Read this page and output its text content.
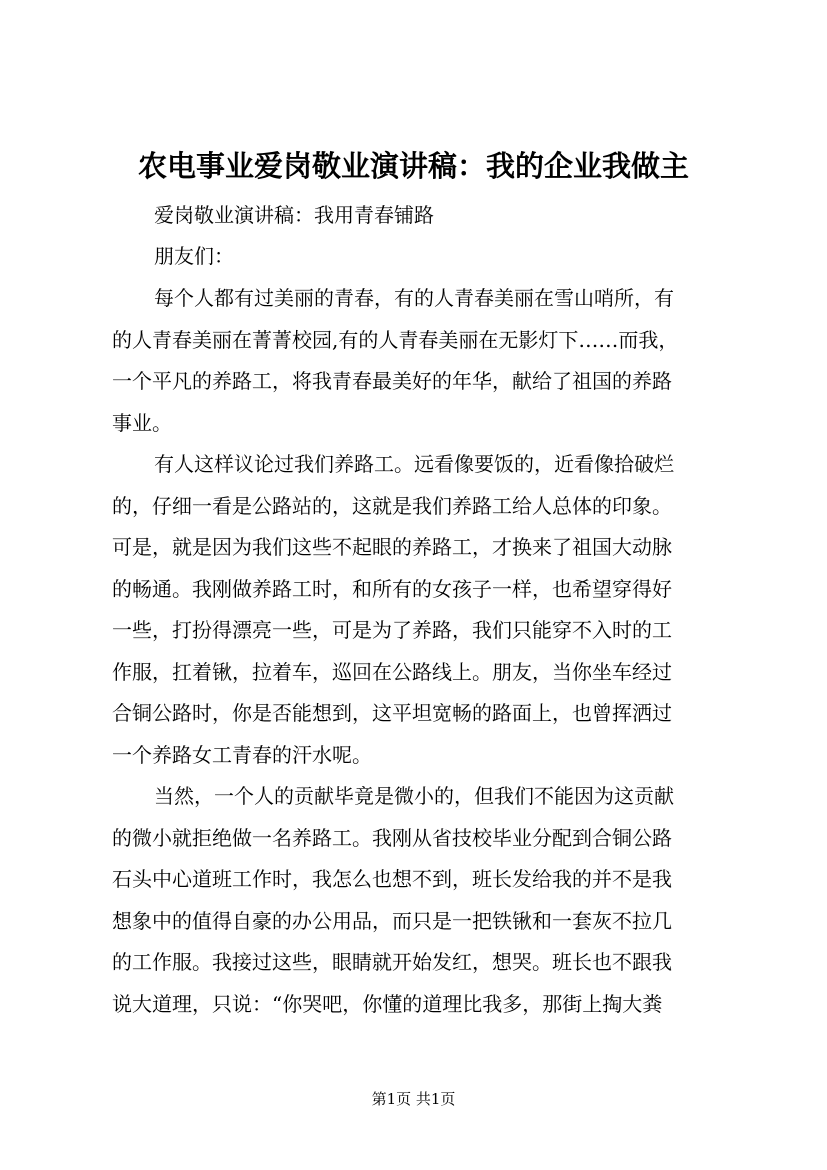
农电事业爱岗敬业演讲稿：我的企业我做主
爱岗敬业演讲稿：我用青春铺路
朋友们：
每个人都有过美丽的青春，有的人青春美丽在雪山哨所，有
的人青春美丽在菁菁校园,有的人青春美丽在无影灯下……而我，
一个平凡的养路工，将我青春最美好的年华，献给了祖国的养路
事业。
有人这样议论过我们养路工。远看像要饭的，近看像拾破烂
的，仔细一看是公路站的，这就是我们养路工给人总体的印象。
可是，就是因为我们这些不起眼的养路工，才换来了祖国大动脉
的畅通。我刚做养路工时，和所有的女孩子一样，也希望穿得好
一些，打扮得漂亮一些，可是为了养路，我们只能穿不入时的工
作服，扛着锹，拉着车，巡回在公路线上。朋友，当你坐车经过
合铜公路时，你是否能想到，这平坦宽畅的路面上，也曾挥洒过
一个养路女工青春的汗水呢。
当然，一个人的贡献毕竟是微小的，但我们不能因为这贡献
的微小就拒绝做一名养路工。我刚从省技校毕业分配到合铜公路
石头中心道班工作时，我怎么也想不到，班长发给我的并不是我
想象中的值得自豪的办公用品，而只是一把铁锹和一套灰不拉几
的工作服。我接过这些，眼睛就开始发红，想哭。班长也不跟我
说大道理，只说：“你哭吧，你懂的道理比我多，那街上掏大粪
第1页 共1页
